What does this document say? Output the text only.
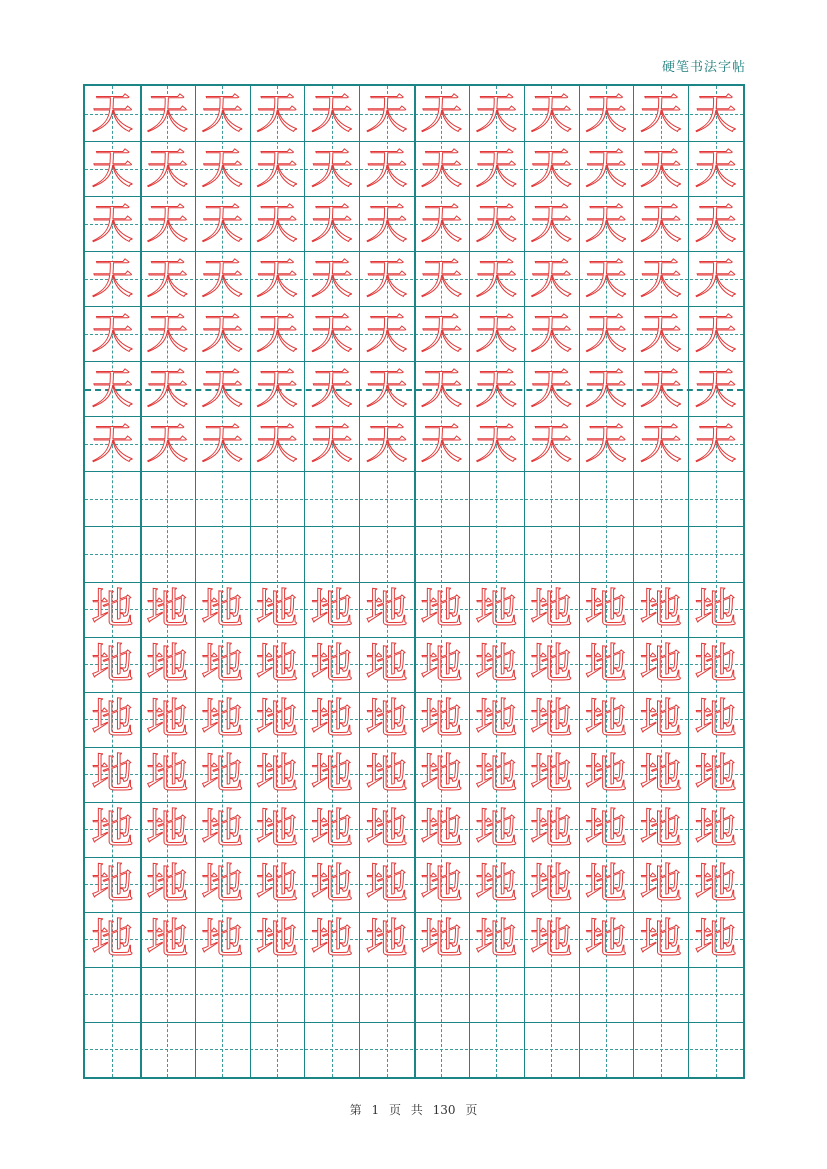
硬笔书法字帖
天 天 天 天 天 天 天 天 天 天 天 天
天 天 天 天 天 天 天 天 天 天 天 天
天 天 天 天 天 天 天 天 天 天 天 天
天 天 天 天 天 天 天 天 天 天 天 天
天 天 天 天 天 天 天 天 天 天 天 天
天 天 天 天 天 天 天 天 天 天 天 天
天 天 天 天 天 天 天 天 天 天 天 天
地 地 地 地 地 地 地 地 地 地 地 地
地 地 地 地 地 地 地 地 地 地 地 地
地 地 地 地 地 地 地 地 地 地 地 地
地 地 地 地 地 地 地 地 地 地 地 地
地 地 地 地 地 地 地 地 地 地 地 地
地 地 地 地 地 地 地 地 地 地 地 地
地 地 地 地 地 地 地 地 地 地 地 地
第 1 页 共 130 页
